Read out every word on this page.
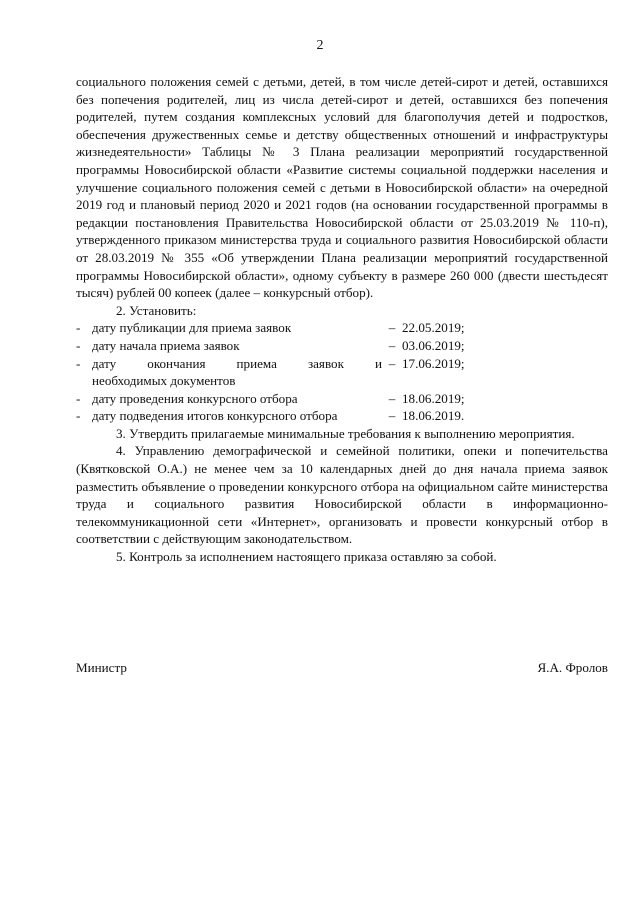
2

социального положения семей с детьми, детей, в том числе детей-сирот и детей, оставшихся без попечения родителей, лиц из числа детей-сирот и детей, оставшихся без попечения родителей, путем создания комплексных условий для благополучия детей и подростков, обеспечения дружественных семье и детству общественных отношений и инфраструктуры жизнедеятельности» Таблицы № 3 Плана реализации мероприятий государственной программы Новосибирской области «Развитие системы социальной поддержки населения и улучшение социального положения семей с детьми в Новосибирской области» на очередной 2019 год и плановый период 2020 и 2021 годов (на основании государственной программы в редакции постановления Правительства Новосибирской области от 25.03.2019 № 110-п), утвержденного приказом министерства труда и социального развития Новосибирской области от 28.03.2019 № 355 «Об утверждении Плана реализации мероприятий государственной программы Новосибирской области», одному субъекту в размере 260 000 (двести шестьдесят тысяч) рублей 00 копеек (далее – конкурсный отбор).

2. Установить:

- дату публикации для приема заявок	– 22.05.2019;
- дату начала приема заявок	– 03.06.2019;
- дату окончания приема заявок и – 17.06.2019;
необходимых документов
- дату проведения конкурсного отбора	– 18.06.2019;
- дату подведения итогов конкурсного отбора	– 18.06.2019.

3. Утвердить прилагаемые минимальные требования к выполнению мероприятия.

4. Управлению демографической и семейной политики, опеки и попечительства (Квятковской О.А.) не менее чем за 10 календарных дней до дня начала приема заявок разместить объявление о проведении конкурсного отбора на официальном сайте министерства труда и социального развития Новосибирской области в информационно-телекоммуникационной сети «Интернет», организовать и провести конкурсный отбор в соответствии с действующим законодательством.

5. Контроль за исполнением настоящего приказа оставляю за собой.

Министр	Я.А. Фролов
